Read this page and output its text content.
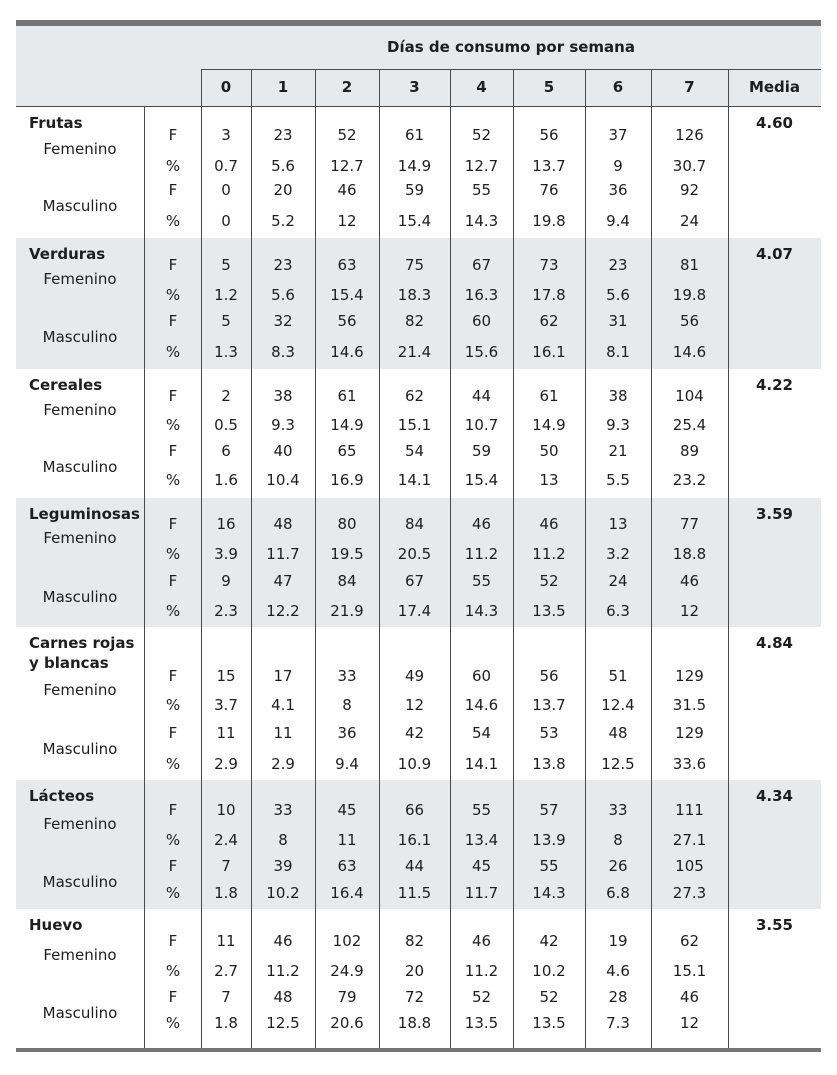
Días de consumo por semana
Media
Frutas	4.60
Femenino
F	3	23	52	61	52	56	37	126
%	0.7	5.6	12.7	14.9	12.7	13.7	9	30.7
Masculino
F	0	20	46	59	55	76	36	92
%	0	5.2	12	15.4	14.3	19.8	9.4	24
Verduras	4.07
Femenino
F	5	23	63	75	67	73	23	81
%	1.2	5.6	15.4	18.3	16.3	17.8	5.6	19.8
Masculino
F	5	32	56	82	60	62	31	56
%	1.3	8.3	14.6	21.4	15.6	16.1	8.1	14.6
Cereales	4.22
Femenino
F	2	38	61	62	44	61	38	104
%	0.5	9.3	14.9	15.1	10.7	14.9	9.3	25.4
Masculino
F	6	40	65	54	59	50	21	89
%	1.6	10.4	16.9	14.1	15.4	13	5.5	23.2
Leguminosas	3.59
Femenino
F	16	48	80	84	46	46	13	77
%	3.9	11.7	19.5	20.5	11.2	11.2	3.2	18.8
Masculino
F	9	47	84	67	55	52	24	46
%	2.3	12.2	21.9	17.4	14.3	13.5	6.3	12
Carnes rojas y blancas
4.84
Femenino
F	15	17	33	49	60	56	51	129
%	3.7	4.1	8	12	14.6	13.7	12.4	31.5
Masculino
F	11	11	36	42	54	53	48	129
%	2.9	2.9	9.4	10.9	14.1	13.8	12.5	33.6
Lácteos	4.34
Femenino
F	10	33	45	66	55	57	33	111
%	2.4	8	11	16.1	13.4	13.9	8	27.1
Masculino
F	7	39	63	44	45	55	26	105
%	1.8	10.2	16.4	11.5	11.7	14.3	6.8	27.3
Huevo	3.55
Femenino
F	11	46	102	82	46	42	19	62
%	2.7	11.2	24.9	20	11.2	10.2	4.6	15.1
Masculino
F	7	48	79	72	52	52	28	46
%	1.8	12.5	20.6	18.8	13.5	13.5	7.3	12
0	1	2	3	4	5	6	7
